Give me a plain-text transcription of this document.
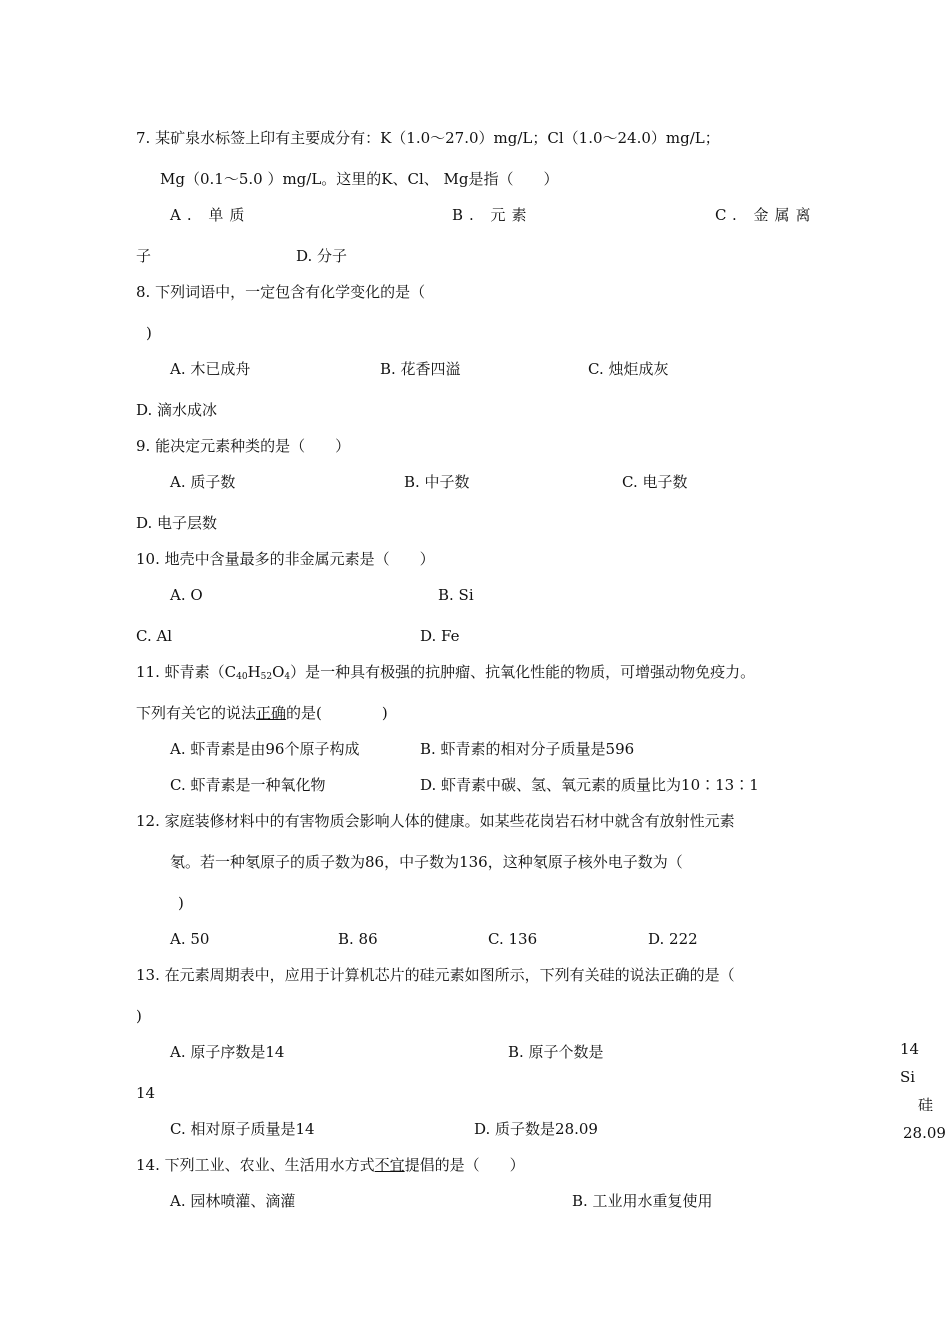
7. 某矿泉水标签上印有主要成分有：K（1.0～27.0）mg/L；Cl（1.0～24.0）mg/L；
Mg（0.1～5.0 ）mg/L。这里的K、Cl、 Mg是指（　　）
A. 单质	B. 元素	C. 金属离
子	D. 分子
8. 下列词语中，一定包含有化学变化的是（
)
A. 木已成舟	B. 花香四溢	C. 烛炬成灰
D. 滴水成冰
9. 能决定元素种类的是（　　）
A. 质子数	B. 中子数	C. 电子数
D. 电子层数
10. 地壳中含量最多的非金属元素是（　　）
A. O	B. Si
C. Al	D. Fe
11. 虾青素$(C_{40}H_{52}O_4)$是一种具有极强的抗肿瘤、抗氧化性能的物质，可增强动物免疫力。
下列有关它的说法正确的是(　　　　)
A. 虾青素是由96个原子构成	B. 虾青素的相对分子质量是596
C. 虾青素是一种氧化物	D. 虾青素中碳、氢、氧元素的质量比为10∶13∶1
12. 家庭装修材料中的有害物质会影响人体的健康。如某些花岗岩石材中就含有放射性元素
氡。若一种氡原子的质子数为86，中子数为136，这种氡原子核外电子数为（
)
A. 50	B. 86	C. 136	D. 222
13. 在元素周期表中，应用于计算机芯片的硅元素如图所示，下列有关硅的说法正确的是（
)
A. 原子序数是14	B. 原子个数是
14
C. 相对原子质量是14	D. 质子数是28.09
14
Si
硅
28.09
14. 下列工业、农业、生活用水方式不宜提倡的是（　　）
A. 园林喷灌、滴灌	B. 工业用水重复使用
